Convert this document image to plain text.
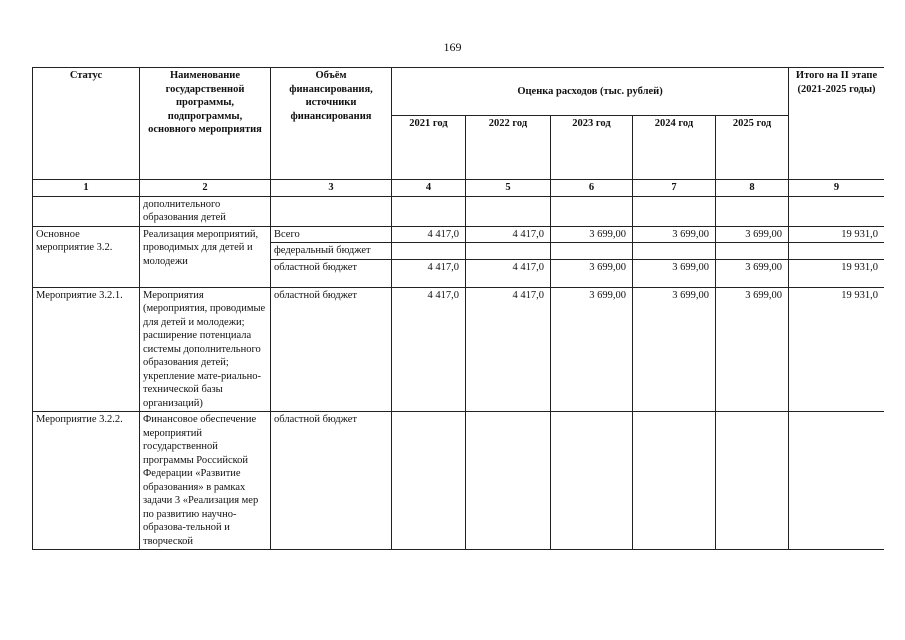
169
Статус	Наименование государственной программы, подпрограммы, основного мероприятия	Объём финансирования, источники финансирования	Оценка расходов (тыс. рублей)					Итого на II этапе (2021-2025 годы)
			2021 год	2022 год	2023 год	2024 год	2025 год	
1	2	3	4	5	6	7	8	9
	дополнительного образования детей							
Основное мероприятие 3.2.	Реализация мероприятий, проводимых для детей и молодежи	Всего	4 417,0	4 417,0	3 699,00	3 699,00	3 699,00	19 931,0
		федеральный бюджет						
		областной бюджет	4 417,0	4 417,0	3 699,00	3 699,00	3 699,00	19 931,0
Мероприятие 3.2.1.	Мероприятия (мероприятия, проводимые для детей и молодежи; расширение потенциала системы дополнительного образования детей; укрепление мате-риально-технической базы организаций)	областной бюджет	4 417,0	4 417,0	3 699,00	3 699,00	3 699,00	19 931,0
Мероприятие 3.2.2.	Финансовое обеспечение мероприятий государственной программы Российской Федерации «Развитие образования» в рамках задачи 3 «Реализация мер по развитию научно-образова-тельной и творческой	областной бюджет						
